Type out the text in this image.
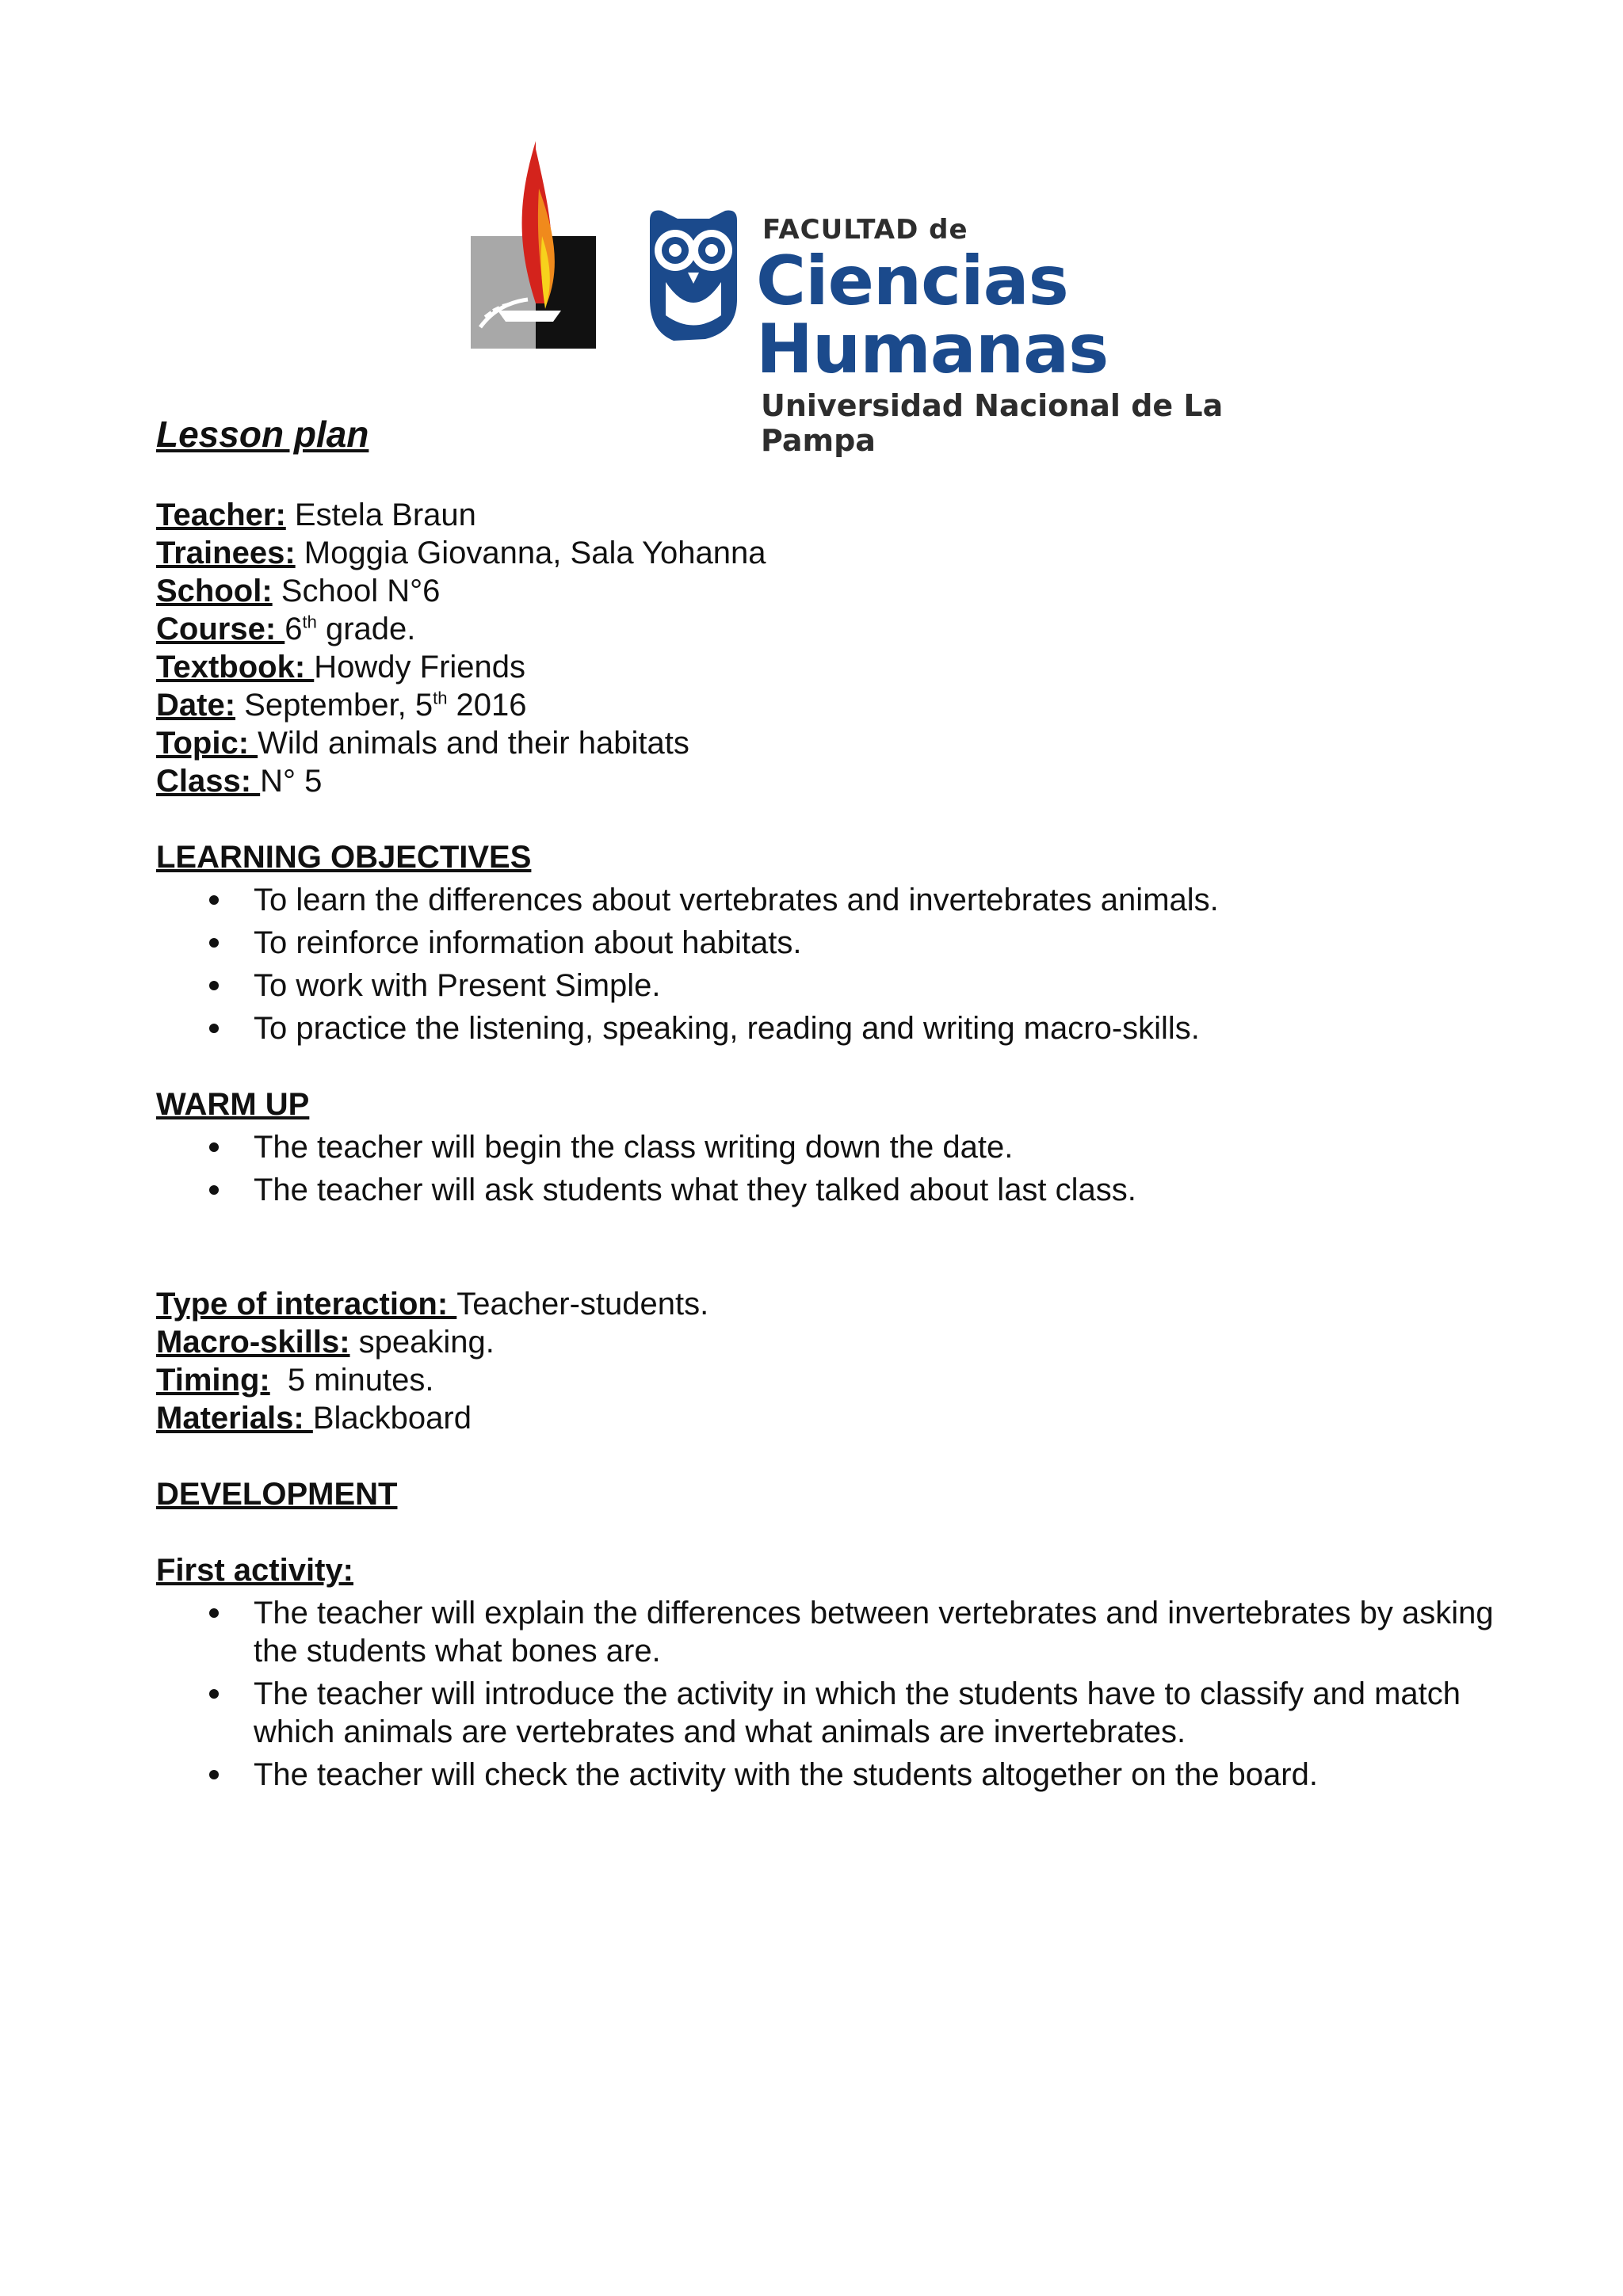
FACULTAD de
Ciencias Humanas
Universidad Nacional de La Pampa
Lesson plan

Teacher: Estela Braun

Trainees: Moggia Giovanna, Sala Yohanna

School: School N°6

Course: 6th grade.

Textbook: Howdy Friends

Date: September, 5th 2016

Topic: Wild animals and their habitats

Class: N° 5

LEARNING OBJECTIVES
To learn the differences about vertebrates and invertebrates animals.
To reinforce information about habitats.
To work with Present Simple.
To practice the listening, speaking, reading and writing macro-skills.
WARM UP
The teacher will begin the class writing down the date.
The teacher will ask students what they talked about last class.

Type of interaction: Teacher-students.

Macro-skills: speaking.

Timing:  5 minutes.

Materials: Blackboard

DEVELOPMENT
First activity:
The teacher will explain the differences between vertebrates and invertebrates by asking the students what bones are.
The teacher will introduce the activity in which the students have to classify and match which animals are vertebrates and what animals are invertebrates.
The teacher will check the activity with the students altogether on the board.
